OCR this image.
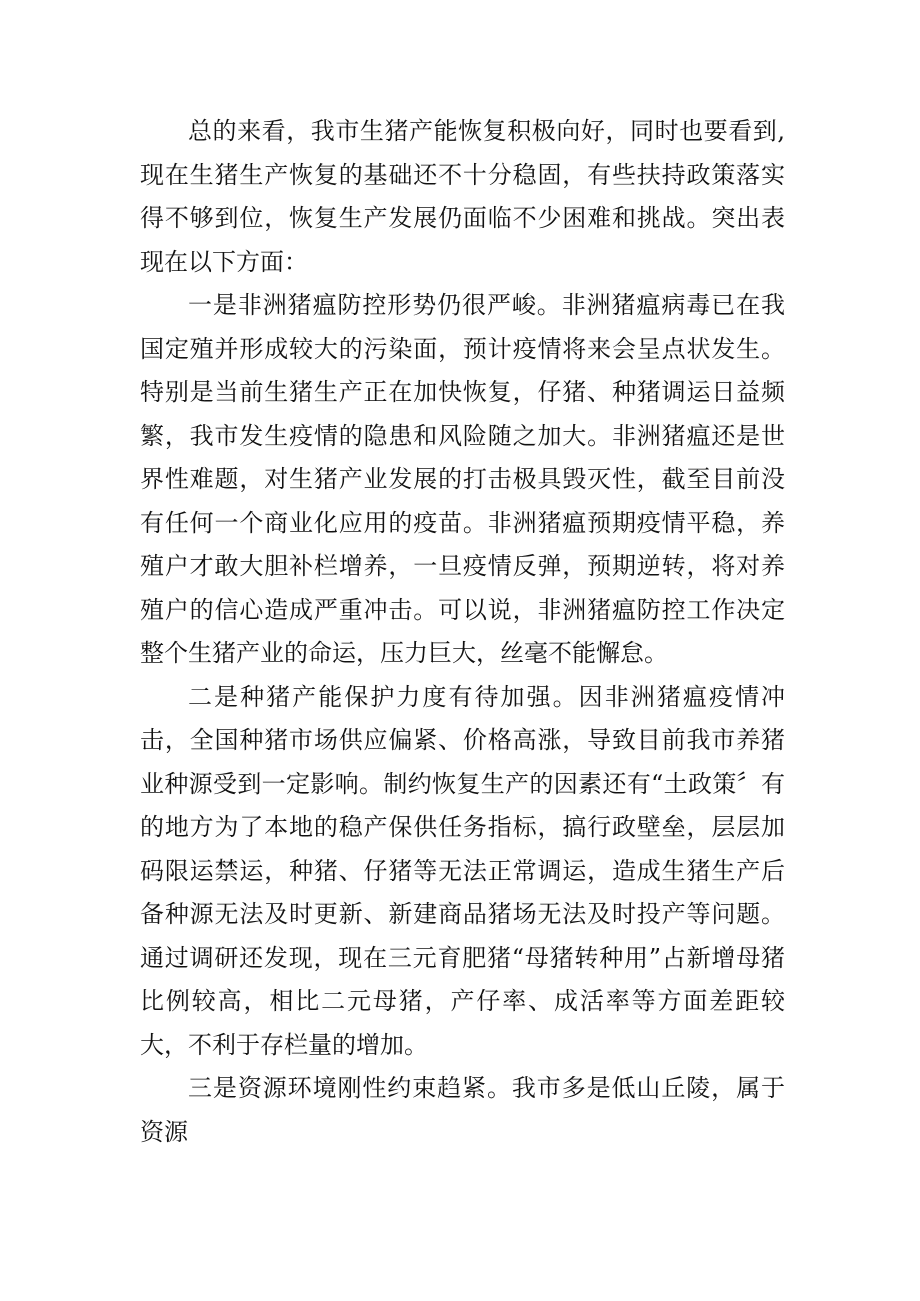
总的来看，我市生猪产能恢复积极向好，同时也要看到,现在生猪生产恢复的基础还不十分稳固，有些扶持政策落实得不够到位，恢复生产发展仍面临不少困难和挑战。突出表现在以下方面：

一是非洲猪瘟防控形势仍很严峻。非洲猪瘟病毒已在我国定殖并形成较大的污染面，预计疫情将来会呈点状发生。特别是当前生猪生产正在加快恢复，仔猪、种猪调运日益频繁，我市发生疫情的隐患和风险随之加大。非洲猪瘟还是世界性难题，对生猪产业发展的打击极具毁灭性，截至目前没有任何一个商业化应用的疫苗。非洲猪瘟预期疫情平稳，养殖户才敢大胆补栏增养，一旦疫情反弹，预期逆转，将对养殖户的信心造成严重冲击。可以说，非洲猪瘟防控工作决定整个生猪产业的命运，压力巨大，丝毫不能懈怠。

二是种猪产能保护力度有待加强。因非洲猪瘟疫情冲击，全国种猪市场供应偏紧、价格高涨，导致目前我市养猪业种源受到一定影响。制约恢复生产的因素还有“土政策〞有的地方为了本地的稳产保供任务指标，搞行政壁垒，层层加码限运禁运，种猪、仔猪等无法正常调运，造成生猪生产后备种源无法及时更新、新建商品猪场无法及时投产等问题。通过调研还发现，现在三元育肥猪“母猪转种用”占新增母猪比例较高，相比二元母猪，产仔率、成活率等方面差距较大，不利于存栏量的增加。

三是资源环境刚性约束趋紧。我市多是低山丘陵，属于资源
